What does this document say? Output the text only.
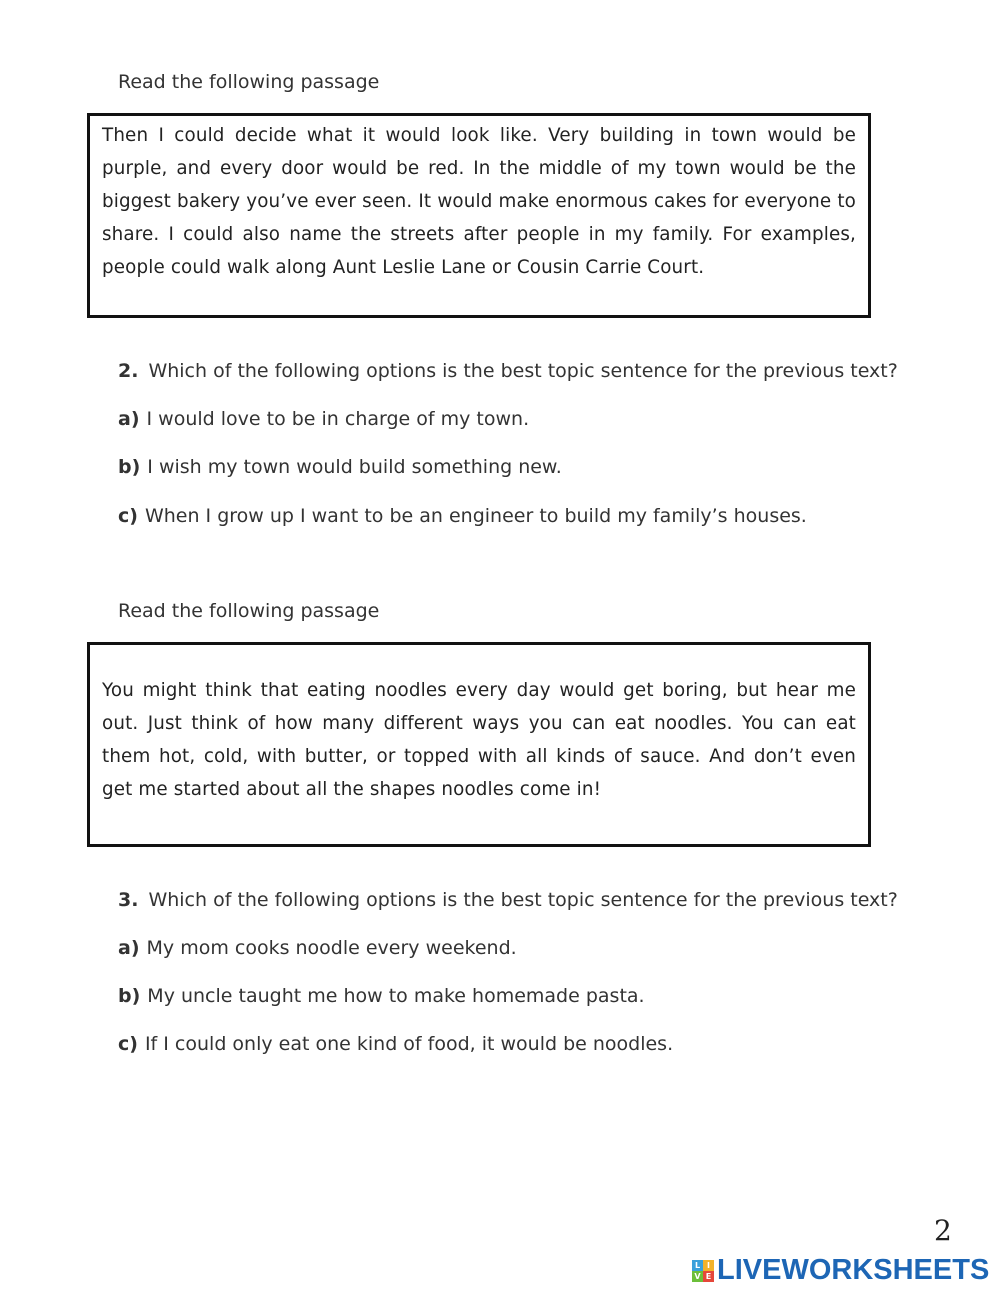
Read the following passage

Then I could decide what it would look like. Very building in town would be purple, and every door would be red. In the middle of my town would be the biggest bakery you’ve ever seen. It would make enormous cakes for everyone to share. I could also name the streets after people in my family. For examples, people could walk along Aunt Leslie Lane or Cousin Carrie Court.

2. Which of the following options is the best topic sentence for the previous text?
a) I would love to be in charge of my town.
b) I wish my town would build something new.
c) When I grow up I want to be an engineer to build my family’s houses.
Read the following passage

You might think that eating noodles every day would get boring, but hear me out. Just think of how many different ways you can eat noodles. You can eat them hot, cold, with butter, or topped with all kinds of sauce. And don’t even get me started about all the shapes noodles come in!

3. Which of the following options is the best topic sentence for the previous text?
a) My mom cooks noodle every weekend.
b) My uncle taught me how to make homemade pasta.
c) If I could only eat one kind of food, it would be noodles.
2
L I
V E LIVEWORKSHEETS
